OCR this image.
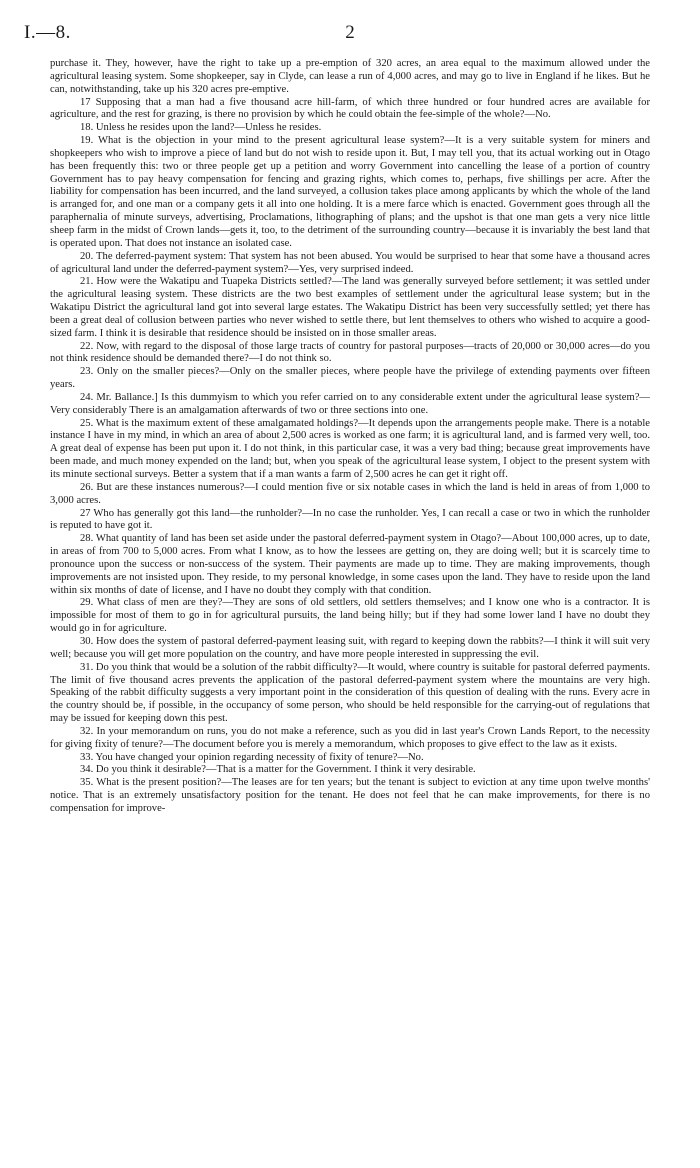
I.—8.	2

purchase it. They, however, have the right to take up a pre-emption of 320 acres, an area equal to the maximum allowed under the agricultural leasing system. Some shopkeeper, say in Clyde, can lease a run of 4,000 acres, and may go to live in England if he likes. But he can, notwithstanding, take up his 320 acres pre-emptive.

17 Supposing that a man had a five thousand acre hill-farm, of which three hundred or four hundred acres are available for agriculture, and the rest for grazing, is there no provision by which he could obtain the fee-simple of the whole?—No.

18. Unless he resides upon the land?—Unless he resides.

19. What is the objection in your mind to the present agricultural lease system?—It is a very suitable system for miners and shopkeepers who wish to improve a piece of land but do not wish to reside upon it. But, I may tell you, that its actual working out in Otago has been frequently this: two or three people get up a petition and worry Government into cancelling the lease of a portion of country Government has to pay heavy compensation for fencing and grazing rights, which comes to, perhaps, five shillings per acre. After the liability for compensation has been incurred, and the land surveyed, a collusion takes place among applicants by which the whole of the land is arranged for, and one man or a company gets it all into one holding. It is a mere farce which is enacted. Government goes through all the paraphernalia of minute surveys, advertising, Proclamations, lithographing of plans; and the upshot is that one man gets a very nice little sheep farm in the midst of Crown lands—gets it, too, to the detriment of the surrounding country—because it is invariably the best land that is operated upon. That does not instance an isolated case.

20. The deferred-payment system: That system has not been abused. You would be surprised to hear that some have a thousand acres of agricultural land under the deferred-payment system?—Yes, very surprised indeed.

21. How were the Wakatipu and Tuapeka Districts settled?—The land was generally surveyed before settlement; it was settled under the agricultural leasing system. These districts are the two best examples of settlement under the agricultural lease system; but in the Wakatipu District the agricultural land got into several large estates. The Wakatipu District has been very successfully settled; yet there has been a great deal of collusion between parties who never wished to settle there, but lent themselves to others who wished to acquire a good-sized farm. I think it is desirable that residence should be insisted on in those smaller areas.

22. Now, with regard to the disposal of those large tracts of country for pastoral purposes—tracts of 20,000 or 30,000 acres—do you not think residence should be demanded there?—I do not think so.

23. Only on the smaller pieces?—Only on the smaller pieces, where people have the privilege of extending payments over fifteen years.

24. Mr. Ballance.] Is this dummyism to which you refer carried on to any considerable extent under the agricultural lease system?—Very considerably There is an amalgamation afterwards of two or three sections into one.

25. What is the maximum extent of these amalgamated holdings?—It depends upon the arrangements people make. There is a notable instance I have in my mind, in which an area of about 2,500 acres is worked as one farm; it is agricultural land, and is farmed very well, too. A great deal of expense has been put upon it. I do not think, in this particular case, it was a very bad thing; because great improvements have been made, and much money expended on the land; but, when you speak of the agricultural lease system, I object to the present system with its minute sectional surveys. Better a system that if a man wants a farm of 2,500 acres he can get it right off.

26. But are these instances numerous?—I could mention five or six notable cases in which the land is held in areas of from 1,000 to 3,000 acres.

27 Who has generally got this land—the runholder?—In no case the runholder. Yes, I can recall a case or two in which the runholder is reputed to have got it.

28. What quantity of land has been set aside under the pastoral deferred-payment system in Otago?—About 100,000 acres, up to date, in areas of from 700 to 5,000 acres. From what I know, as to how the lessees are getting on, they are doing well; but it is scarcely time to pronounce upon the success or non-success of the system. Their payments are made up to time. They are making improvements, though improvements are not insisted upon. They reside, to my personal knowledge, in some cases upon the land. They have to reside upon the land within six months of date of license, and I have no doubt they comply with that condition.

29. What class of men are they?—They are sons of old settlers, old settlers themselves; and I know one who is a contractor. It is impossible for most of them to go in for agricultural pursuits, the land being hilly; but if they had some lower land I have no doubt they would go in for agriculture.

30. How does the system of pastoral deferred-payment leasing suit, with regard to keeping down the rabbits?—I think it will suit very well; because you will get more population on the country, and have more people interested in suppressing the evil.

31. Do you think that would be a solution of the rabbit difficulty?—It would, where country is suitable for pastoral deferred payments. The limit of five thousand acres prevents the application of the pastoral deferred-payment system where the mountains are very high. Speaking of the rabbit difficulty suggests a very important point in the consideration of this question of dealing with the runs. Every acre in the country should be, if possible, in the occupancy of some person, who should be held responsible for the carrying-out of regulations that may be issued for keeping down this pest.

32. In your memorandum on runs, you do not make a reference, such as you did in last year's Crown Lands Report, to the necessity for giving fixity of tenure?—The document before you is merely a memorandum, which proposes to give effect to the law as it exists.

33. You have changed your opinion regarding necessity of fixity of tenure?—No.

34. Do you think it desirable?—That is a matter for the Government. I think it very desirable.

35. What is the present position?—The leases are for ten years; but the tenant is subject to eviction at any time upon twelve months' notice. That is an extremely unsatisfactory position for the tenant. He does not feel that he can make improvements, for there is no compensation for improve-
